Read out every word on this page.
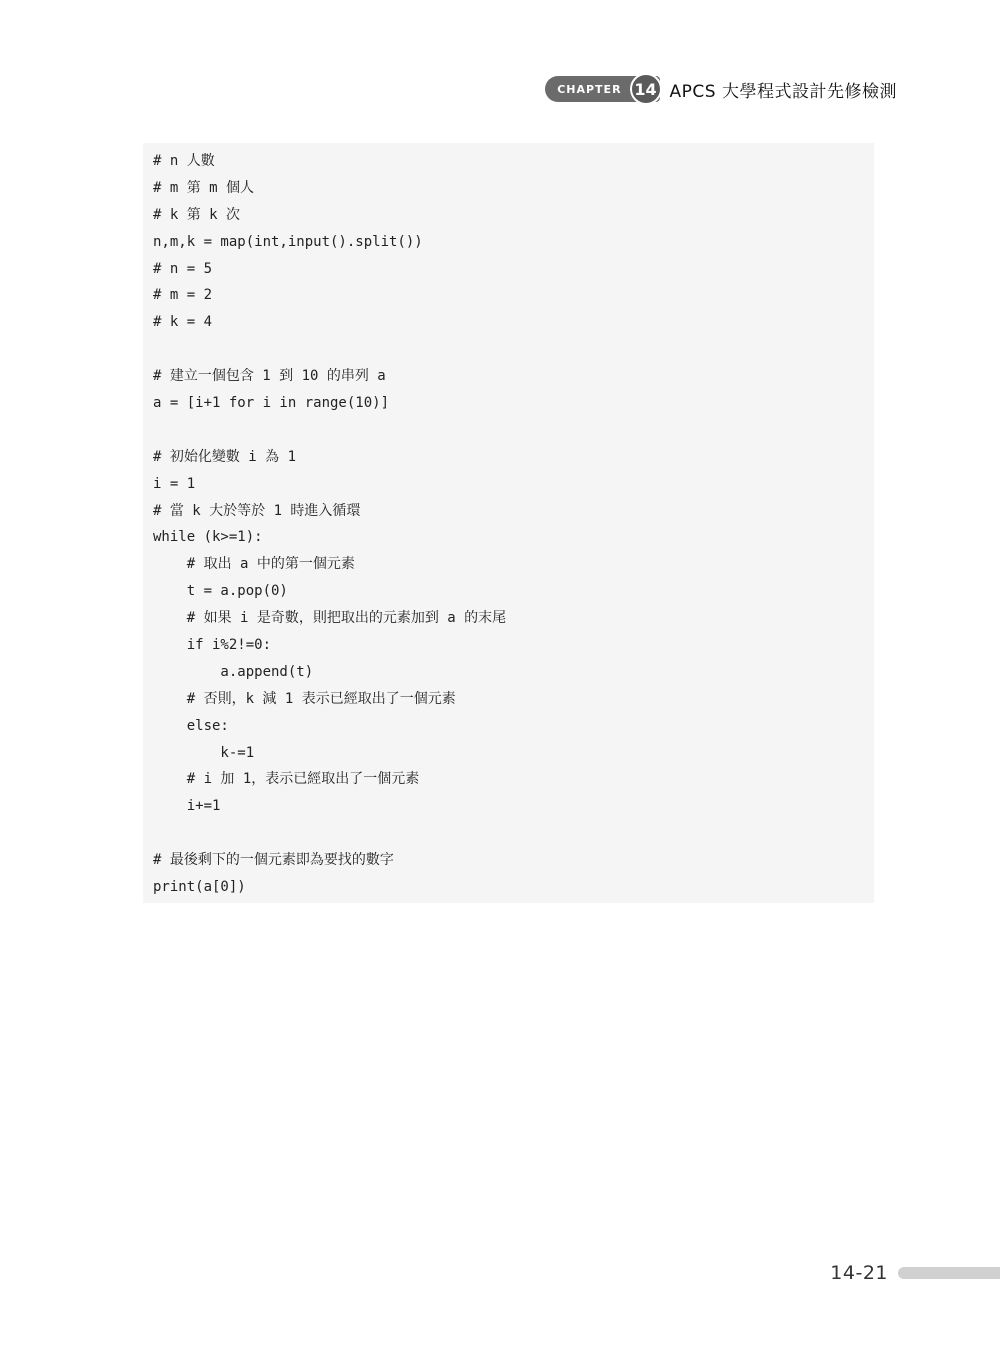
CHAPTER 14 APCS 大學程式設計先修檢測
# n 人數
# m 第 m 個人
# k 第 k 次
n,m,k = map(int,input().split())
# n = 5
# m = 2
# k = 4
# 建立一個包含 1 到 10 的串列 a
a = [i+1 for i in range(10)]
# 初始化變數 i 為 1
i = 1
# 當 k 大於等於 1 時進入循環
while (k>=1):
# 取出 a 中的第一個元素
t = a.pop(0)
# 如果 i 是奇數，則把取出的元素加到 a 的末尾
if i%2!=0:
a.append(t)
# 否則，k 減 1 表示已經取出了一個元素
else:
k-=1
# i 加 1，表示已經取出了一個元素
i+=1
# 最後剩下的一個元素即為要找的數字
print(a[0])
14-21
